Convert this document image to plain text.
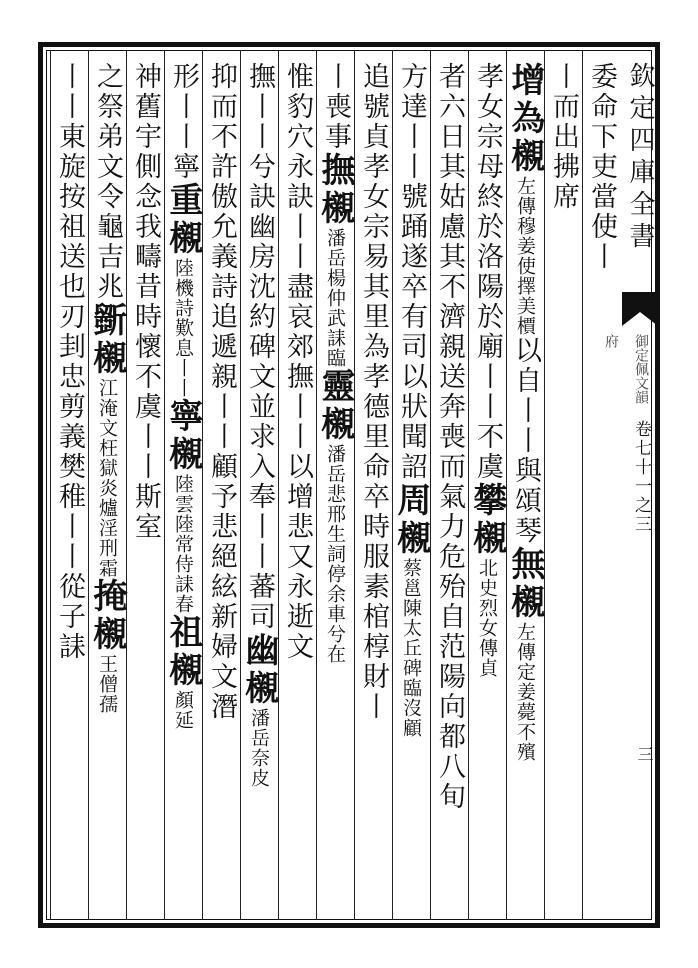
委命下吏當使丨
丨而出拂席
增為櫬左傳穆姜使擇美檟以自丨丨與頌琴無櫬左傳定姜薨不殯
孝女宗母終於洛陽於廟丨丨不虞攀櫬北史烈女傳貞
者六日其姑慮其不濟親送奔喪而氣力危殆自范陽向都八旬
方達丨丨號踊遂卒有司以狀聞詔周櫬蔡邕陳太丘碑臨沒顧
追號貞孝女宗易其里為孝德里命卒時服素棺椁財丨
丨喪事撫櫬潘岳楊仲武誄臨靈櫬潘岳悲邢生詞停余車兮在
惟豹穴永訣丨丨盡哀郊撫丨丨以增悲又永逝文
撫丨丨兮訣幽房沈約碑文並求入奉丨丨蕃司幽櫬潘岳奈皮
抑而不許傲允義詩追遞親丨丨顧予悲絕絃新婦文潛
形丨丨寧重櫬陸機詩歎息丨丨寧櫬陸雲陸常侍誄春祖櫬顏延
神舊宇側念我疇昔時懷不虞丨丨斯室
之祭弟文令龜吉兆斵櫬江淹文枉獄炎爐淫刑霜掩櫬王僧孺
丨丨東旋按祖送也刃刲忠剪義樊稚丨丨從子誄
欽定四庫全書
御定佩文韻府
卷七十一之三
三
